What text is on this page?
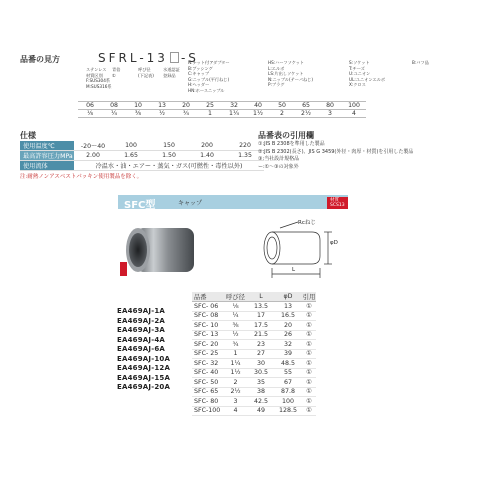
品番の見方	SFRL-13 -S
ステンレス
材質区別
F:SUS304系
M:SUS316系
青倍
①
呼び径
(下記表)
水道認証
登録品
N:ナット付アダプター
B:ブッシング
C:キャップ
G:ニップル(平行ねじ)
H:ヘッダー
HN:ホースニップル
HS:ハーフソケット
L:エルボ
LS:片出しソケット
N:ニップル(テーパねじ)
P:プラグ
S:ソケット
T:チーズ
U:ユニオン
UL:ユニオンエルボ
X:クロス
B:バフ品
06	08	10	13	20	25	32	40	50	65	80	100
⅛	¼	⅜	½	¾	1	1¼	1½	2	2½	3	4
仕様
使用温度℃	-20〜40	100	150	200	220
最高許容圧力MPa	2.00	1.65	1.50	1.40	1.35
使用流体	冷温水・油・エアー・蒸気・ガス(可燃性・毒性以外)				
注:耐熱ノンアスベストパッキン使用製品を除く。
品番表の引用欄
①:JIS B 2308を準用した製品
②:JIS B 2302(長さ)、JIS G 3459(外径・肉厚・材質)を引用した製品
③:当社設計規格品
ー:①〜③の対象外
SFC型	キャップ	材質
SCS13
Rcねじ
φD
L
EA469AJ-1A
EA469AJ-2A
EA469AJ-3A
EA469AJ-4A
EA469AJ-6A
EA469AJ-10A
EA469AJ-12A
EA469AJ-15A
EA469AJ-20A
品番	呼び径	L	φD	引用
SFC- 06	⅛	13.5	13	①
SFC- 08	¼	17	16.5	①
SFC- 10	⅜	17.5	20	①
SFC- 13	½	21.5	26	①
SFC- 20	¾	23	32	①
SFC- 25	1	27	39	①
SFC- 32	1¼	30	48.5	①
SFC- 40	1½	30.5	55	①
SFC- 50	2	35	67	①
SFC- 65	2½	38	87.8	①
SFC- 80	3	42.5	100	①
SFC-100	4	49	128.5	①
